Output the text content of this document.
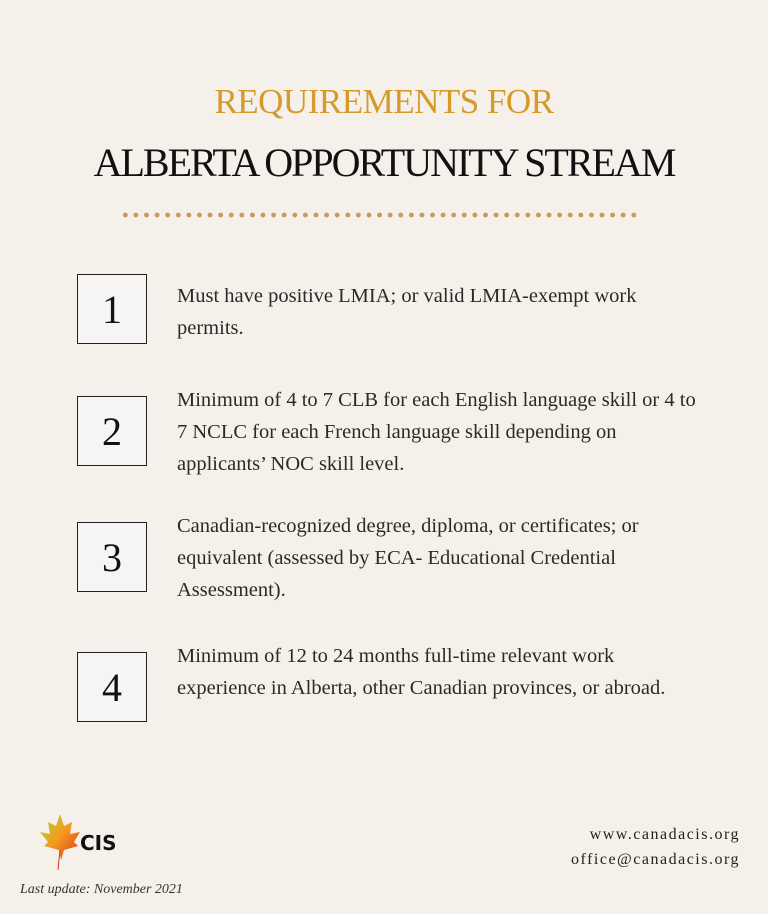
REQUIREMENTS FOR
ALBERTA OPPORTUNITY STREAM
1	Must have positive LMIA; or valid LMIA-exempt work permits.
2
Minimum of 4 to 7 CLB for each English language skill or 4 to 7 NCLC for each French language skill depending on applicants’ NOC skill level.
3
Canadian-recognized degree, diploma, or certificates; or equivalent (assessed by ECA- Educational Credential Assessment).
4
Minimum of 12 to 24 months full-time relevant work experience in Alberta, other Canadian provinces, or abroad.
CIS
Last update: November 2021
www.canadacis.org
office@canadacis.org
